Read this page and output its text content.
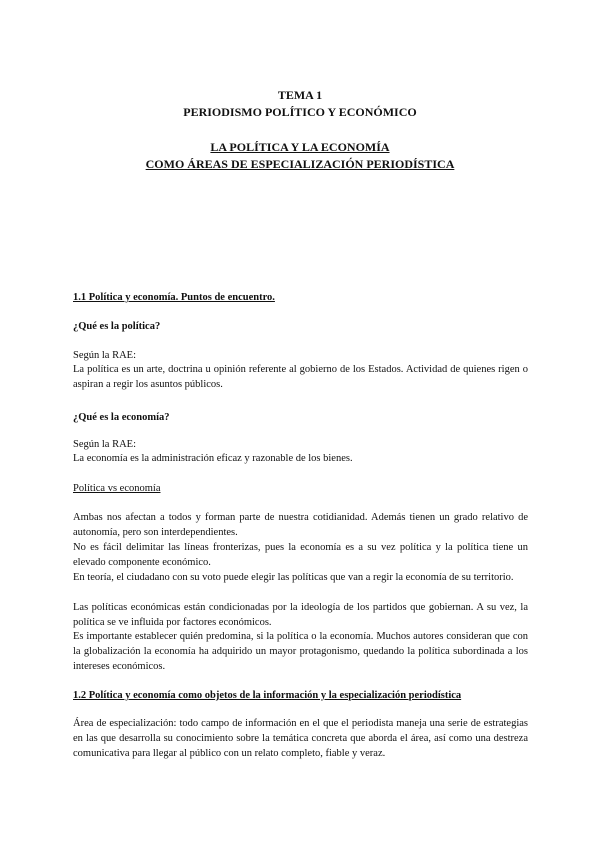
TEMA 1
PERIODISMO POLÍTICO Y ECONÓMICO
LA POLÍTICA Y LA ECONOMÍA
COMO ÁREAS DE ESPECIALIZACIÓN PERIODÍSTICA
1.1 Política y economía. Puntos de encuentro.
¿Qué es la política?
Según la RAE:

La política es un arte, doctrina u opinión referente al gobierno de los Estados. Actividad de quienes rigen o aspiran a regir los asuntos públicos.

¿Qué es la economía?
Según la RAE:

La economía es la administración eficaz y razonable de los bienes.

Política vs economía

Ambas nos afectan a todos y forman parte de nuestra cotidianidad. Además tienen un grado relativo de autonomía, pero son interdependientes.

No es fácil delimitar las líneas fronterizas, pues la economía es a su vez política y la política tiene un elevado componente económico.

En teoría, el ciudadano con su voto puede elegir las políticas que van a regir la economía de su territorio.

Las políticas económicas están condicionadas por la ideología de los partidos que gobiernan. A su vez, la política se ve influida por factores económicos.

Es importante establecer quién predomina, si la política o la economía. Muchos autores consideran que con la globalización la economía ha adquirido un mayor protagonismo, quedando la política subordinada a los intereses económicos.

1.2 Política y economía como objetos de la información y la especialización periodística

Área de especialización: todo campo de información en el que el periodista maneja una serie de estrategias en las que desarrolla su conocimiento sobre la temática concreta que aborda el área, así como una destreza comunicativa para llegar al público con un relato completo, fiable y veraz.
